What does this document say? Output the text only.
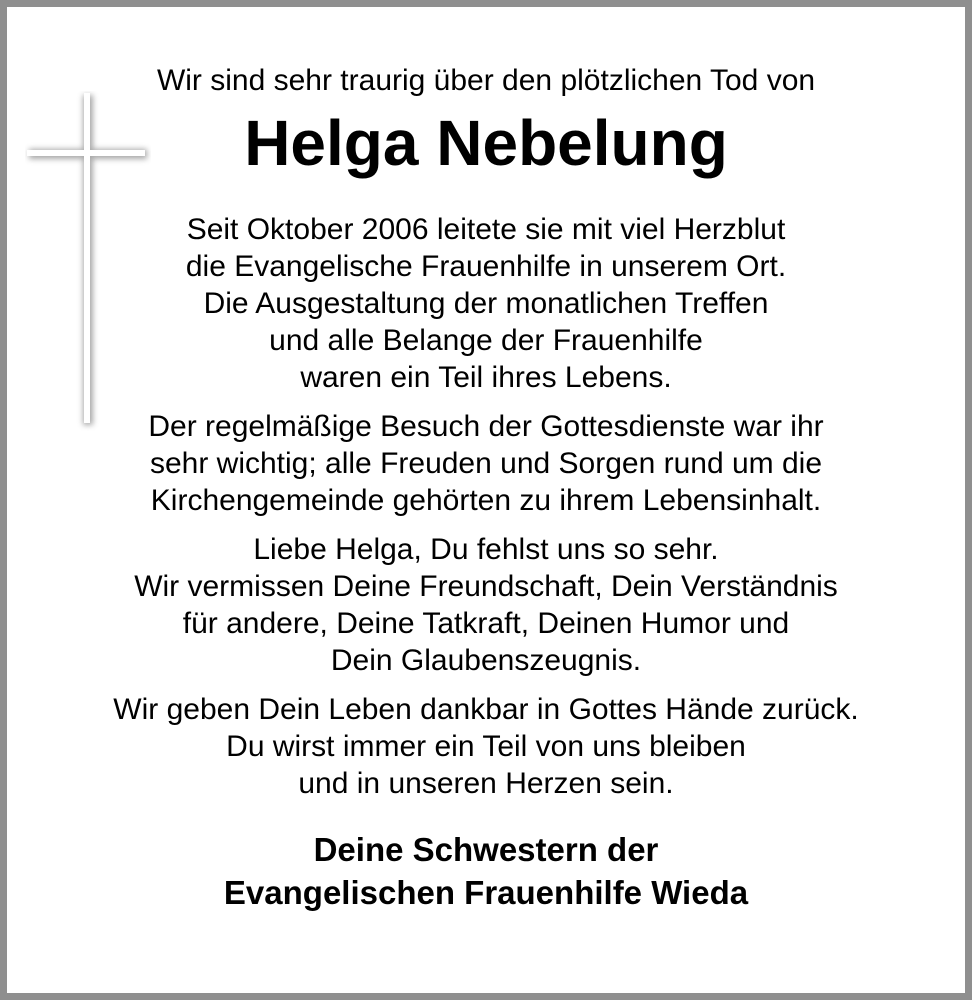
Wir sind sehr traurig über den plötzlichen Tod von
Helga Nebelung
Seit Oktober 2006 leitete sie mit viel Herzblut
die Evangelische Frauenhilfe in unserem Ort.
Die Ausgestaltung der monatlichen Treffen
und alle Belange der Frauenhilfe
waren ein Teil ihres Lebens.
Der regelmäßige Besuch der Gottesdienste war ihr
sehr wichtig; alle Freuden und Sorgen rund um die
Kirchengemeinde gehörten zu ihrem Lebensinhalt.
Liebe Helga, Du fehlst uns so sehr.
Wir vermissen Deine Freundschaft, Dein Verständnis
für andere, Deine Tatkraft, Deinen Humor und
Dein Glaubenszeugnis.
Wir geben Dein Leben dankbar in Gottes Hände zurück.
Du wirst immer ein Teil von uns bleiben
und in unseren Herzen sein.
Deine Schwestern der
Evangelischen Frauenhilfe Wieda
